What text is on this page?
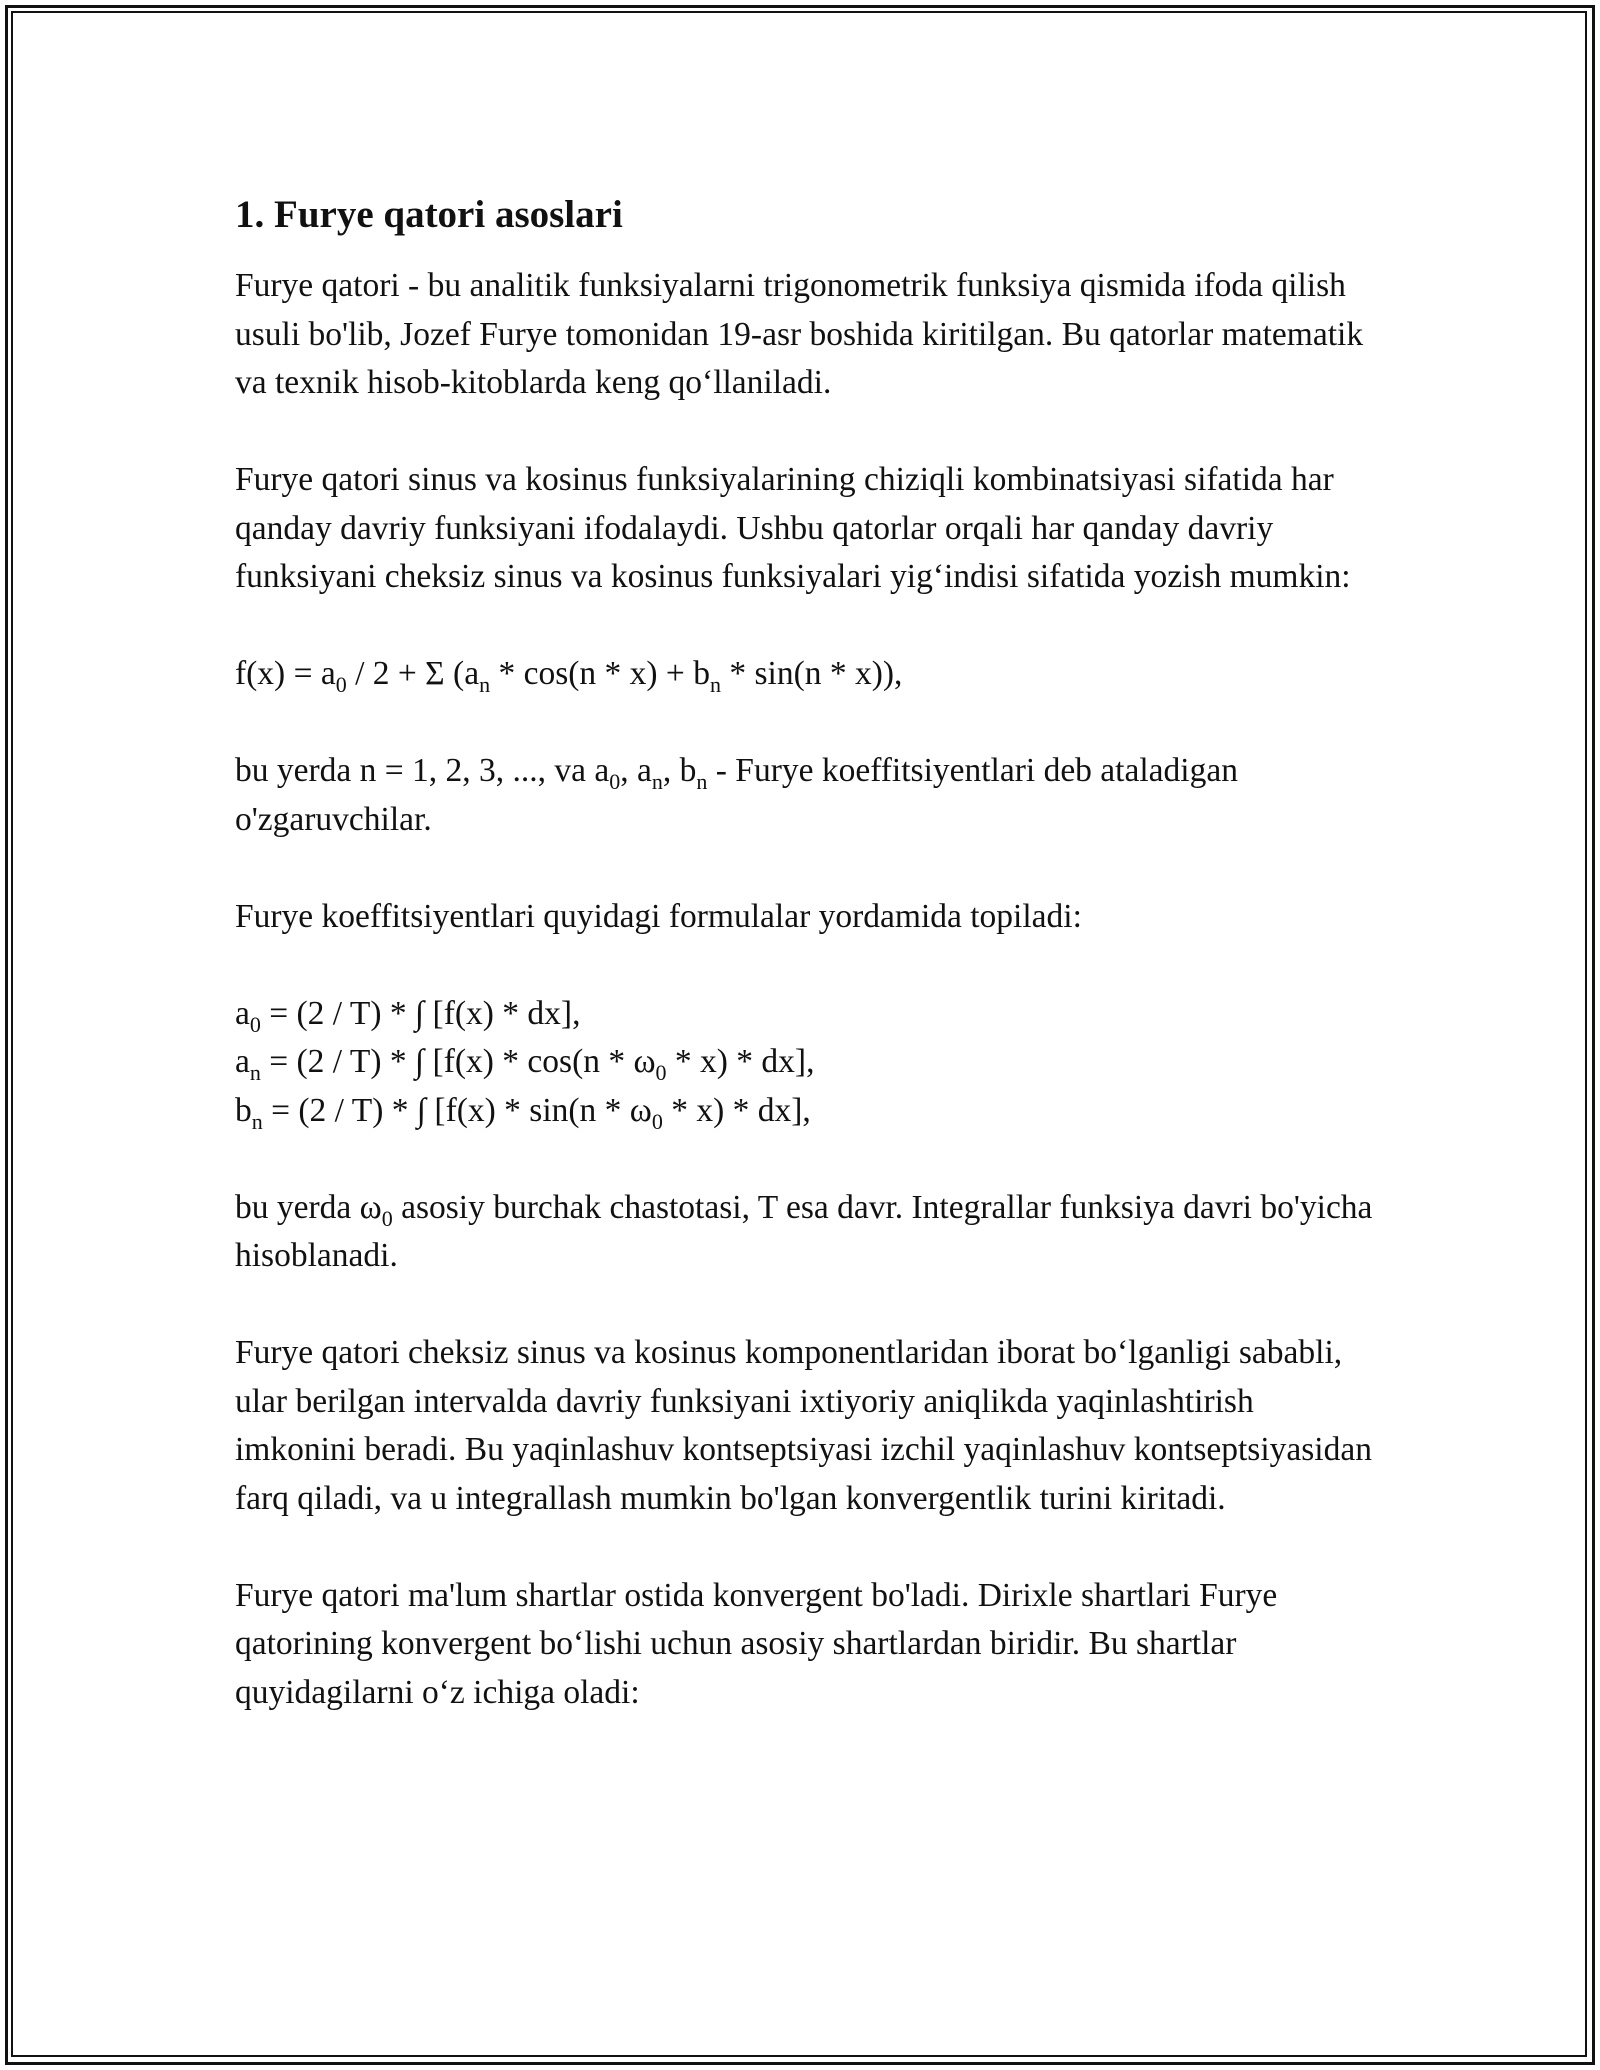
1. Furye qatori asoslari

Furye qatori - bu analitik funksiyalarni trigonometrik funksiya qismida ifoda qilish usuli bo'lib, Jozef Furye tomonidan 19-asr boshida kiritilgan. Bu qatorlar matematik va texnik hisob-kitoblarda keng qo‘llaniladi.

Furye qatori sinus va kosinus funksiyalarining chiziqli kombinatsiyasi sifatida har qanday davriy funksiyani ifodalaydi. Ushbu qatorlar orqali har qanday davriy funksiyani cheksiz sinus va kosinus funksiyalari yig‘indisi sifatida yozish mumkin:

$f(x) = a_0 / 2 + \Sigma$ $(a_n * \cos(n * x) + b_n * \sin(n * x))$,

bu yerda n = 1, 2, 3, ..., va $a_0$, $a_n$, $b_n$ - Furye koeffitsiyentlari deb ataladigan o'zgaruvchilar.

Furye koeffitsiyentlari quyidagi formulalar yordamida topiladi:

$a_0 = (2 / T)$ * ∫ [f(x) * dx],
$a_n = (2 / T)$ * ∫ $[f(x) * \cos(n * \omega_0 * x) * dx]$,
$b_n = (2 / T)$ * ∫ $[f(x) * \sin(n * \omega_0 * x) * dx]$,

bu yerda $\omega_0$ asosiy burchak chastotasi, T esa davr. Integrallar funksiya davri bo'yicha hisoblanadi.

Furye qatori cheksiz sinus va kosinus komponentlaridan iborat bo‘lganligi sababli, ular berilgan intervalda davriy funksiyani ixtiyoriy aniqlikda yaqinlashtirish imkonini beradi. Bu yaqinlashuv kontseptsiyasi izchil yaqinlashuv kontseptsiyasidan farq qiladi, va u integrallash mumkin bo'lgan konvergentlik turini kiritadi.

Furye qatori ma'lum shartlar ostida konvergent bo'ladi. Dirixle shartlari Furye qatorining konvergent bo‘lishi uchun asosiy shartlardan biridir. Bu shartlar quyidagilarni o‘z ichiga oladi:
